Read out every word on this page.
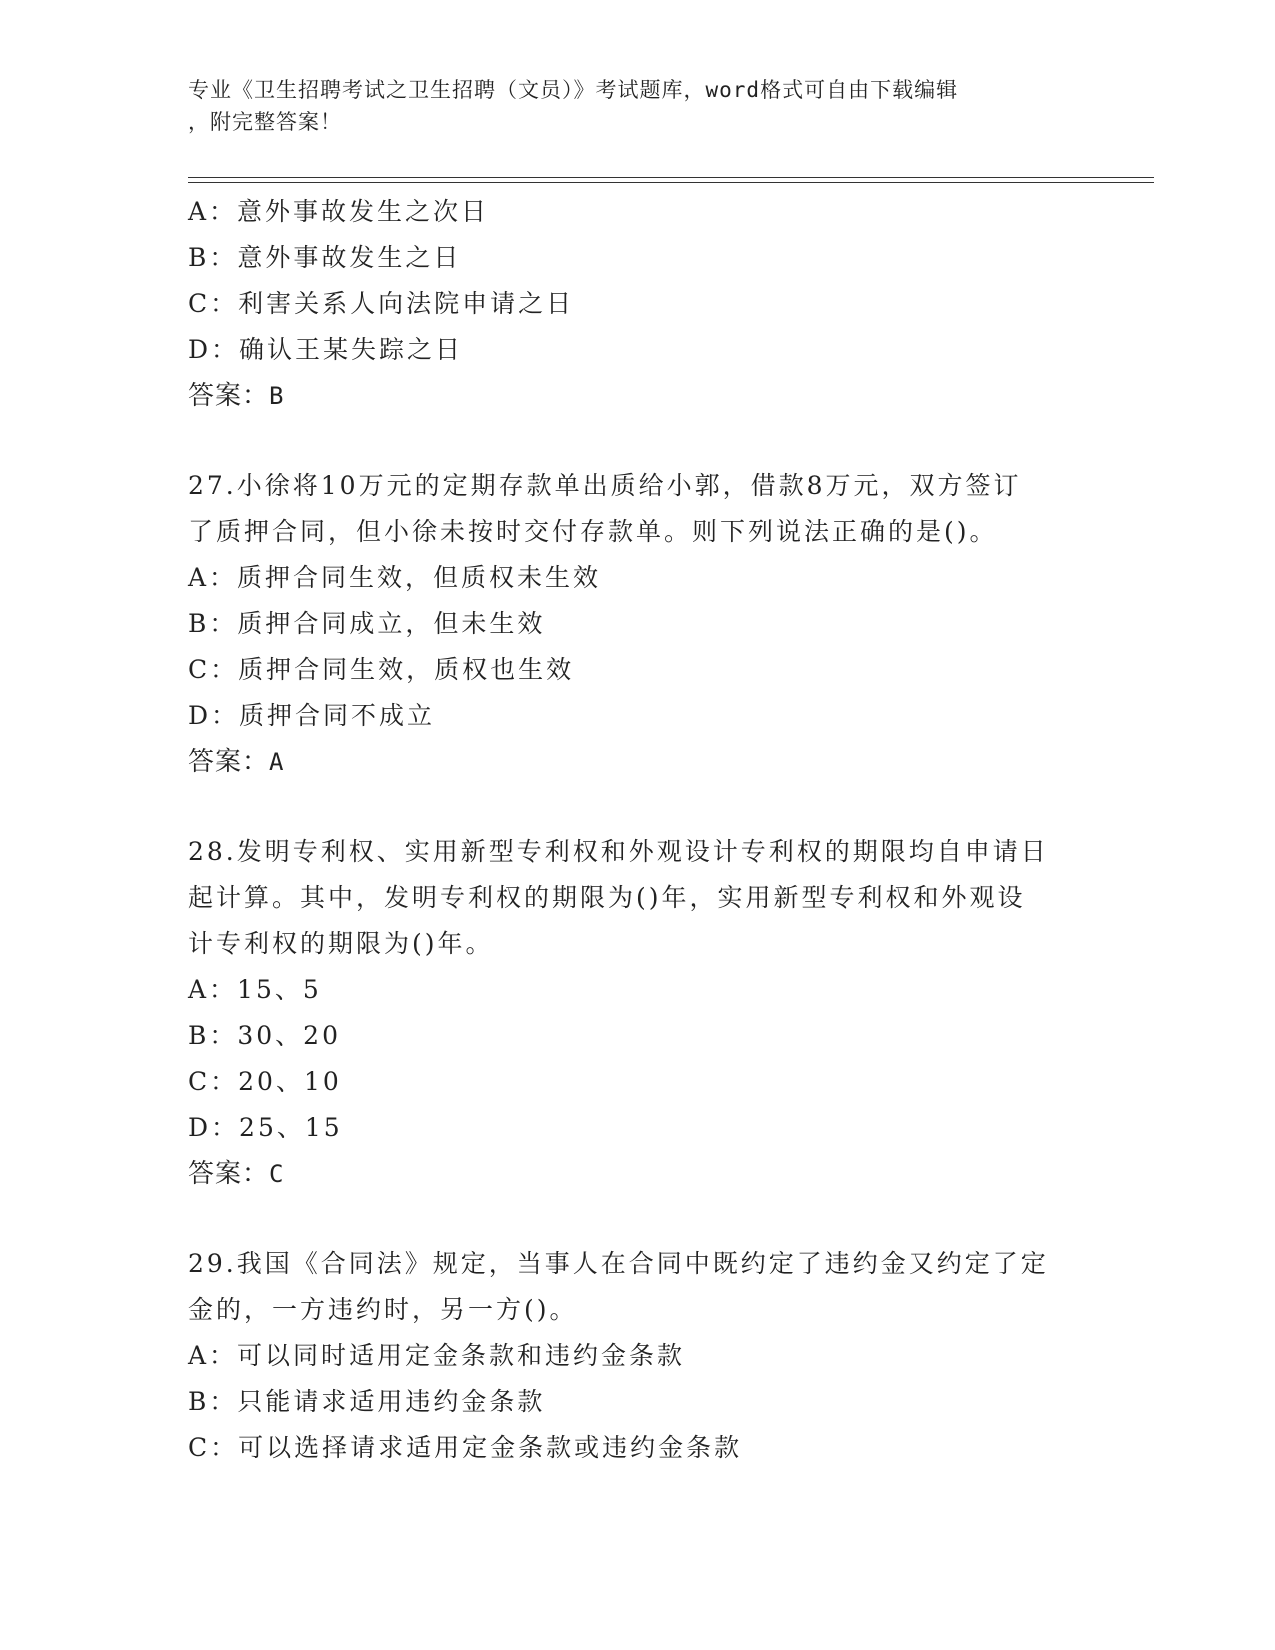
专业《卫生招聘考试之卫生招聘（文员）》考试题库，word格式可自由下载编辑
，附完整答案！
A：意外事故发生之次日
B：意外事故发生之日
C：利害关系人向法院申请之日
D：确认王某失踪之日
答案：B
27.小徐将10万元的定期存款单出质给小郭，借款8万元，双方签订
了质押合同，但小徐未按时交付存款单。则下列说法正确的是()。
A：质押合同生效，但质权未生效
B：质押合同成立，但未生效
C：质押合同生效，质权也生效
D：质押合同不成立
答案：A
28.发明专利权、实用新型专利权和外观设计专利权的期限均自申请日
起计算。其中，发明专利权的期限为()年，实用新型专利权和外观设
计专利权的期限为()年。
A：15、5
B：30、20
C：20、10
D：25、15
答案：C
29.我国《合同法》规定，当事人在合同中既约定了违约金又约定了定
金的，一方违约时，另一方()。
A：可以同时适用定金条款和违约金条款
B：只能请求适用违约金条款
C：可以选择请求适用定金条款或违约金条款
